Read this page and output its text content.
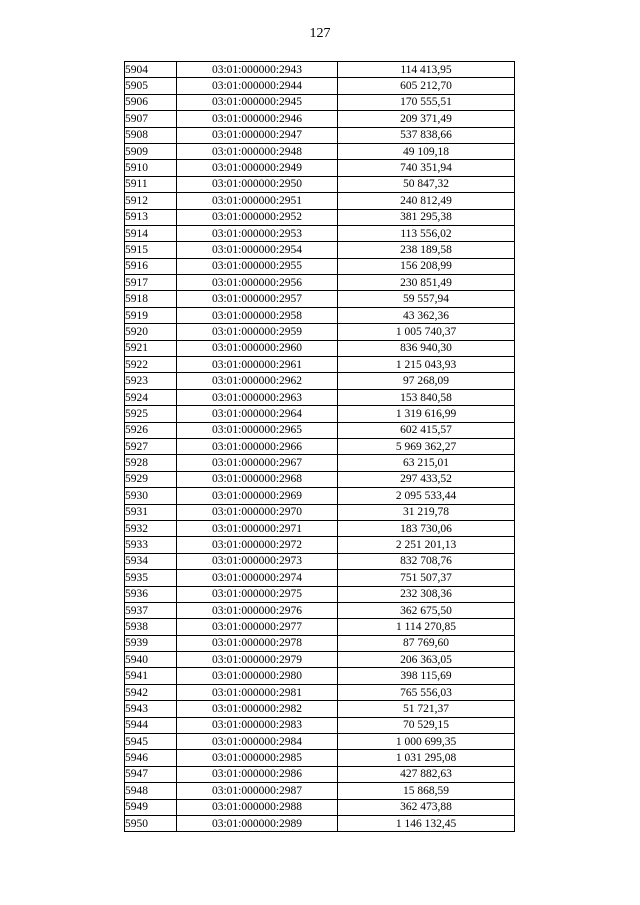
127
5904	03:01:000000:2943	114 413,95
5905	03:01:000000:2944	605 212,70
5906	03:01:000000:2945	170 555,51
5907	03:01:000000:2946	209 371,49
5908	03:01:000000:2947	537 838,66
5909	03:01:000000:2948	49 109,18
5910	03:01:000000:2949	740 351,94
5911	03:01:000000:2950	50 847,32
5912	03:01:000000:2951	240 812,49
5913	03:01:000000:2952	381 295,38
5914	03:01:000000:2953	113 556,02
5915	03:01:000000:2954	238 189,58
5916	03:01:000000:2955	156 208,99
5917	03:01:000000:2956	230 851,49
5918	03:01:000000:2957	59 557,94
5919	03:01:000000:2958	43 362,36
5920	03:01:000000:2959	1 005 740,37
5921	03:01:000000:2960	836 940,30
5922	03:01:000000:2961	1 215 043,93
5923	03:01:000000:2962	97 268,09
5924	03:01:000000:2963	153 840,58
5925	03:01:000000:2964	1 319 616,99
5926	03:01:000000:2965	602 415,57
5927	03:01:000000:2966	5 969 362,27
5928	03:01:000000:2967	63 215,01
5929	03:01:000000:2968	297 433,52
5930	03:01:000000:2969	2 095 533,44
5931	03:01:000000:2970	31 219,78
5932	03:01:000000:2971	183 730,06
5933	03:01:000000:2972	2 251 201,13
5934	03:01:000000:2973	832 708,76
5935	03:01:000000:2974	751 507,37
5936	03:01:000000:2975	232 308,36
5937	03:01:000000:2976	362 675,50
5938	03:01:000000:2977	1 114 270,85
5939	03:01:000000:2978	87 769,60
5940	03:01:000000:2979	206 363,05
5941	03:01:000000:2980	398 115,69
5942	03:01:000000:2981	765 556,03
5943	03:01:000000:2982	51 721,37
5944	03:01:000000:2983	70 529,15
5945	03:01:000000:2984	1 000 699,35
5946	03:01:000000:2985	1 031 295,08
5947	03:01:000000:2986	427 882,63
5948	03:01:000000:2987	15 868,59
5949	03:01:000000:2988	362 473,88
5950	03:01:000000:2989	1 146 132,45
